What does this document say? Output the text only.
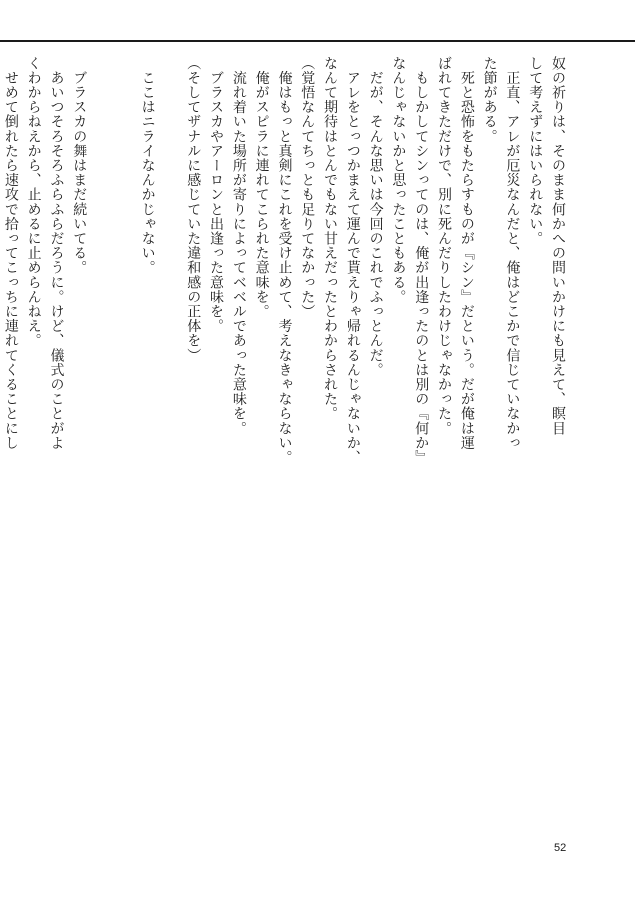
奴の祈りは、そのまま何かへの問いかけにも見えて、瞑目
して考えずにはいられない。
　正直、アレが厄災なんだと、俺はどこかで信じていなかっ
た節がある。
　死と恐怖をもたらすものが『シン』だという。だが俺は運
ばれてきただけで、別に死んだりしたわけじゃなかった。
　もしかしてシンってのは、俺が出逢ったのとは別の『何か』
なんじゃないかと思ったこともある。
　だが、そんな思いは今回のこれでふっとんだ。
　アレをとっつかまえて運んで貰えりゃ帰れるんじゃないか、
なんて期待はとんでもない甘えだったとわからされた。
（覚悟なんてちっとも足りてなかった）
　俺はもっと真剣にこれを受け止めて、考えなきゃならない。
　俺がスピラに連れてこられた意味を。
　流れ着いた場所が寄りによってベベルであった意味を。
　ブラスカやアーロンと出逢った意味を。
（そしてザナルに感じていた違和感の正体を）
　ここはニライなんかじゃない。
　ブラスカの舞はまだ続いてる。
　あいつそろそろふらふらだろうに。けど、儀式のことがよ
くわからねえから、止めるに止めらんねえ。
　せめて倒れたら速攻で拾ってこっちに連れてくることにし
52
